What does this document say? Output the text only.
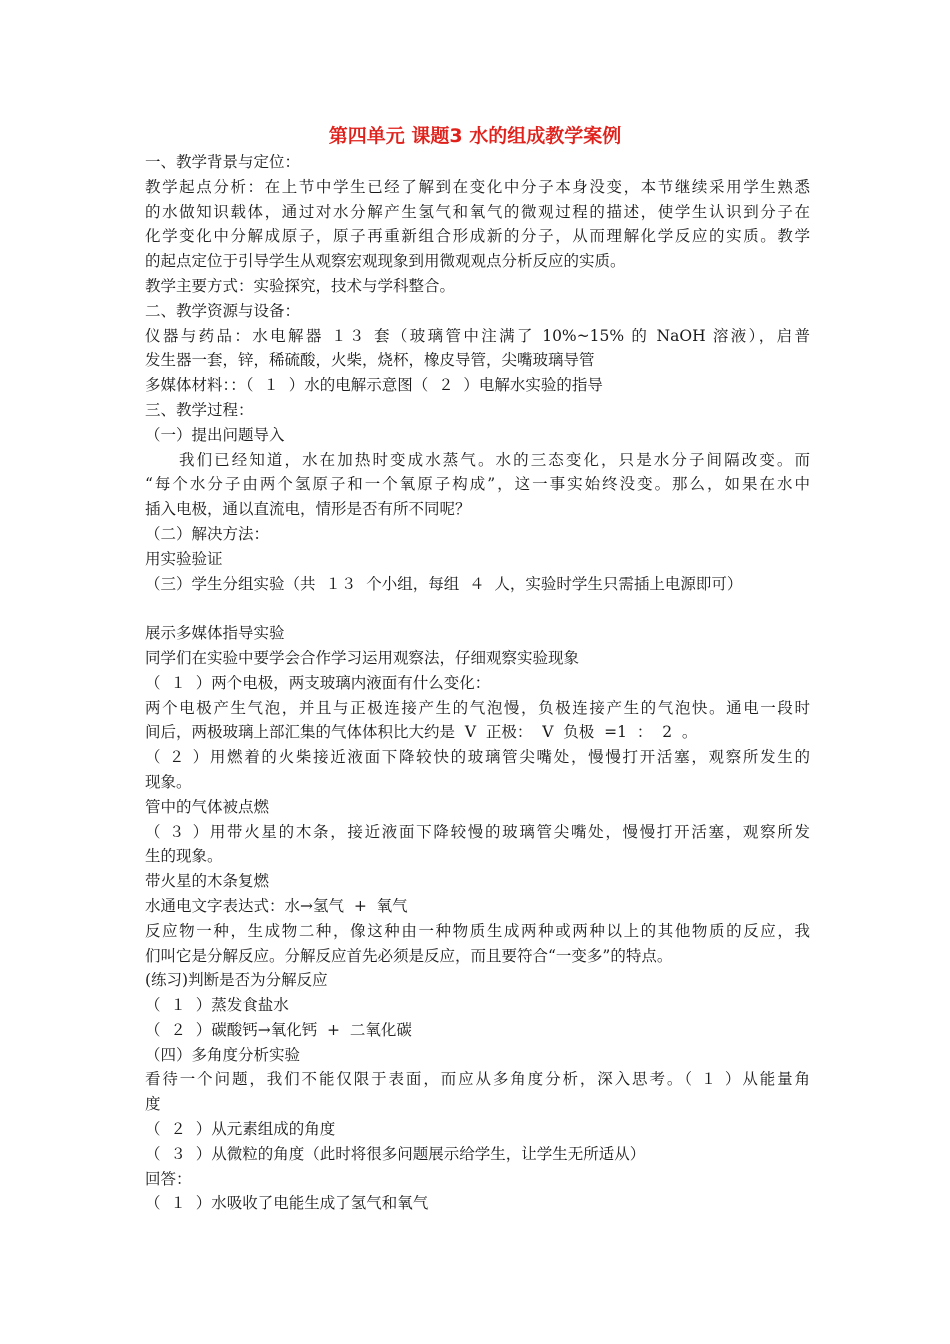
第四单元 课题3 水的组成教学案例
一、教学背景与定位：
教学起点分析：在上节中学生已经了解到在变化中分子本身没变，本节继续采用学生熟悉
的水做知识载体，通过对水分解产生氢气和氧气的微观过程的描述，使学生认识到分子在
化学变化中分解成原子，原子再重新组合形成新的分子，从而理解化学反应的实质。教学
的起点定位于引导学生从观察宏观现象到用微观观点分析反应的实质。
教学主要方式：实验探究，技术与学科整合。
二、教学资源与设备：
仪器与药品：水电解器 １３ 套（玻璃管中注满了 10%~15% 的 NaOH 溶液），启普
发生器一套，锌，稀硫酸，火柴，烧杯，橡皮导管，尖嘴玻璃导管
多媒体材料：：（  １  ）水的电解示意图（  ２  ）电解水实验的指导
三、教学过程：
（一）提出问题导入
我们已经知道，水在加热时变成水蒸气。水的三态变化，只是水分子间隔改变。而
“每个水分子由两个氢原子和一个氧原子构成”，这一事实始终没变。那么，如果在水中
插入电极，通以直流电，情形是否有所不同呢？
（二）解决方法：
用实验验证
（三）学生分组实验（共  １３  个小组，每组  ４  人，实验时学生只需插上电源即可）
展示多媒体指导实验
同学们在实验中要学会合作学习运用观察法，仔细观察实验现象
（  １  ）两个电极，两支玻璃内液面有什么变化：
两个电极产生气泡，并且与正极连接产生的气泡慢，负极连接产生的气泡快。通电一段时
间后，两极玻璃上部汇集的气体体积比大约是  V  正极：  V  负极  =1  ：  2  。
（ ２ ）用燃着的火柴接近液面下降较快的玻璃管尖嘴处，慢慢打开活塞，观察所发生的
现象。
管中的气体被点燃
（ ３ ）用带火星的木条，接近液面下降较慢的玻璃管尖嘴处，慢慢打开活塞，观察所发
生的现象。
带火星的木条复燃
水通电文字表达式：水→氢气  +  氧气
反应物一种，生成物二种，像这种由一种物质生成两种或两种以上的其他物质的反应，我
们叫它是分解反应。分解反应首先必须是反应，而且要符合“一变多”的特点。
(练习)判断是否为分解反应
（  １  ）蒸发食盐水
（  ２  ）碳酸钙→氧化钙  +  二氧化碳
（四）多角度分析实验
看待一个问题，我们不能仅限于表面，而应从多角度分析，深入思考。（ １ ）从能量角
度
（  ２  ）从元素组成的角度
（  ３  ）从微粒的角度（此时将很多问题展示给学生，让学生无所适从）
回答：
（  １  ）水吸收了电能生成了氢气和氧气
